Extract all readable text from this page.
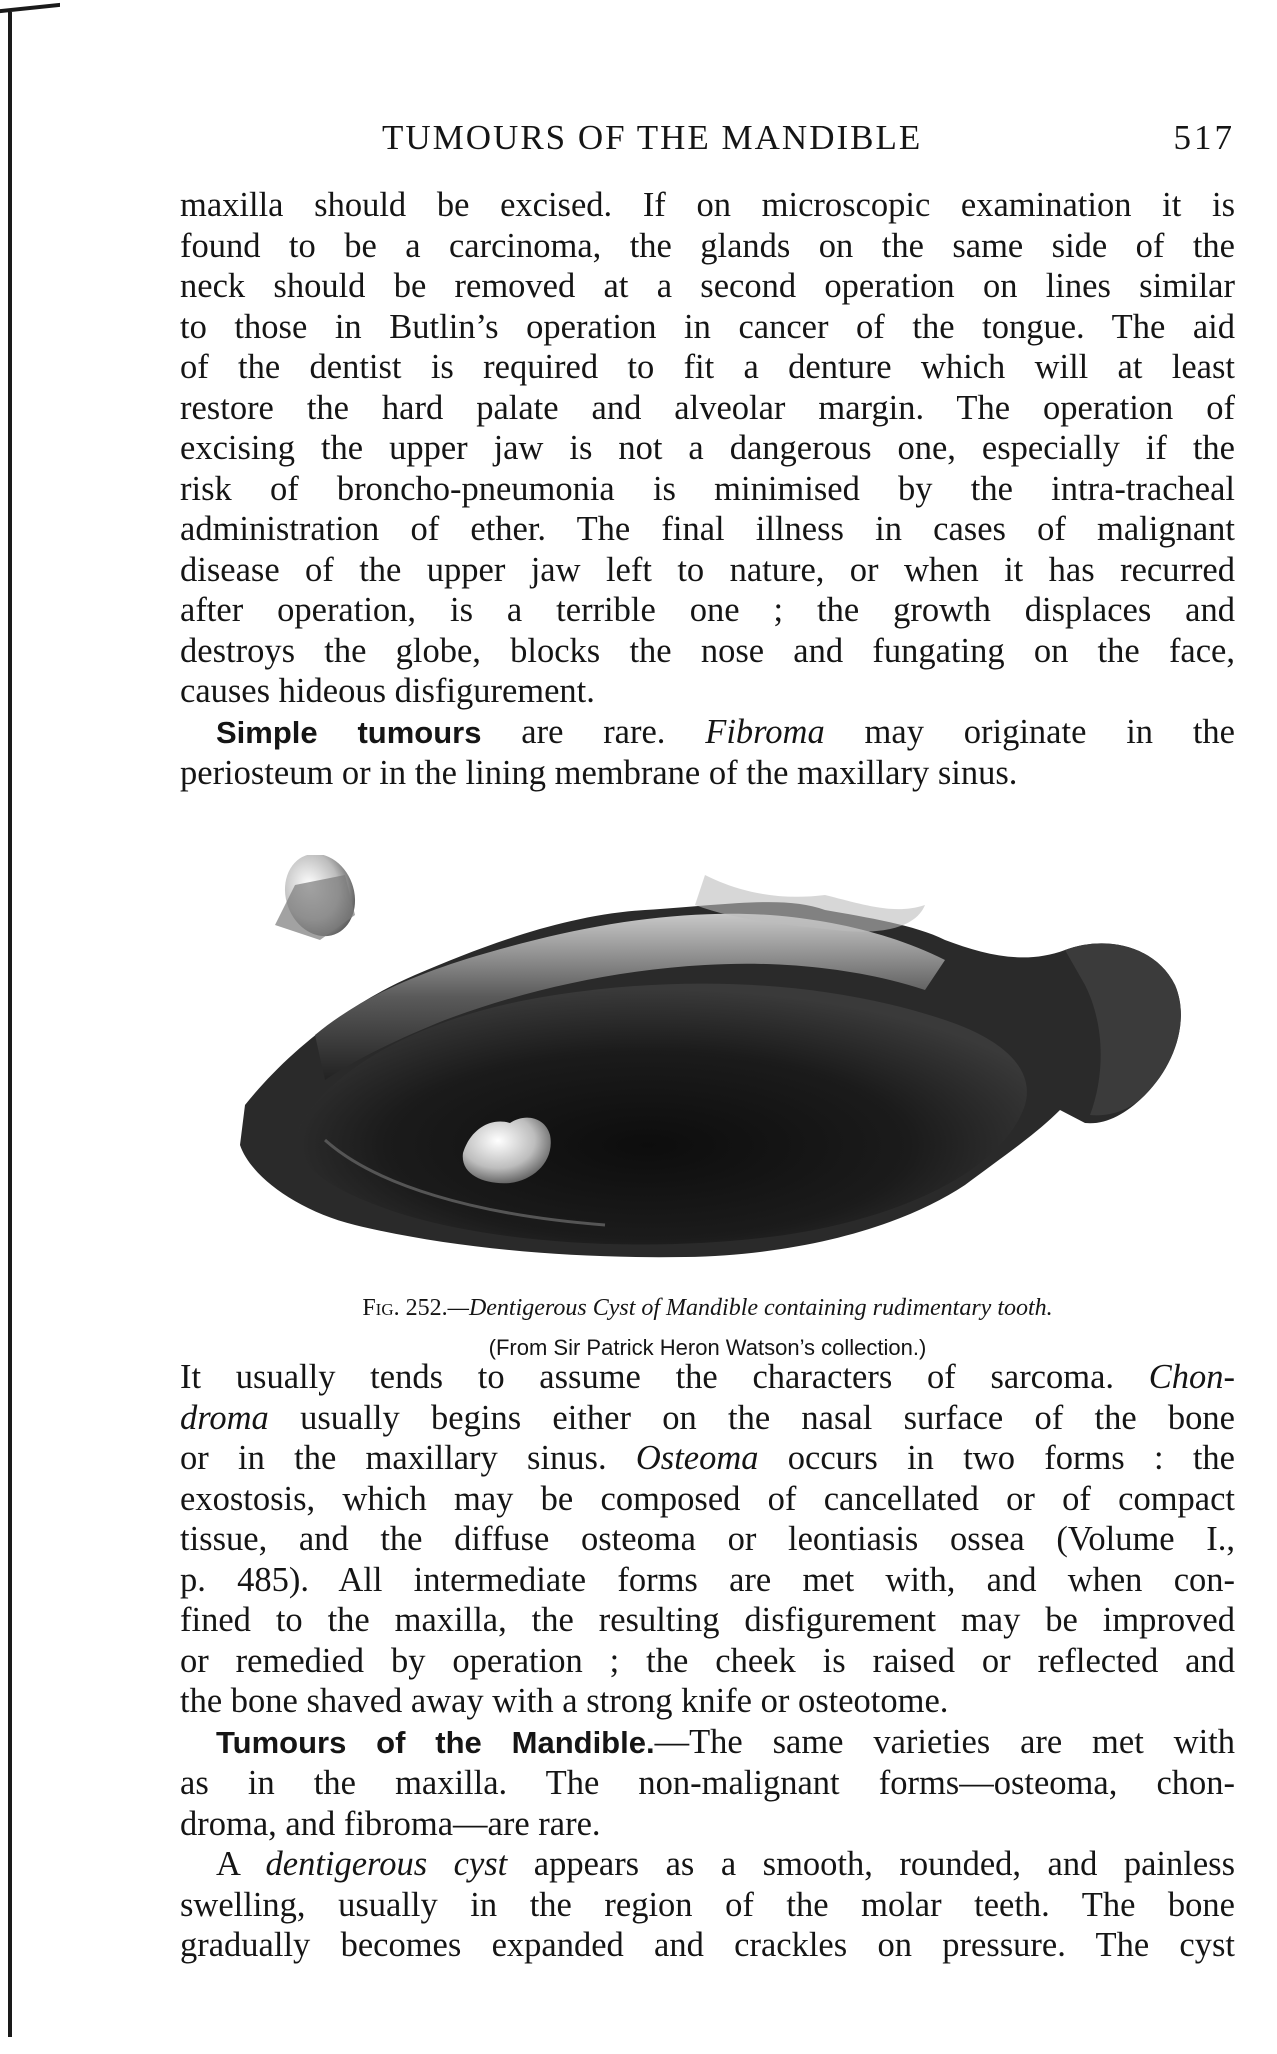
TUMOURS OF THE MANDIBLE	517
maxilla should be excised. If on microscopic examination it is
found to be a carcinoma, the glands on the same side of the
neck should be removed at a second operation on lines similar
to those in Butlin’s operation in cancer of the tongue. The aid
of the dentist is required to fit a denture which will at least
restore the hard palate and alveolar margin. The operation of
excising the upper jaw is not a dangerous one, especially if the
risk of broncho-pneumonia is minimised by the intra-tracheal
administration of ether. The final illness in cases of malignant
disease of the upper jaw left to nature, or when it has recurred
after operation, is a terrible one ; the growth displaces and
destroys the globe, blocks the nose and fungating on the face,
causes hideous disfigurement.
Simple tumours are rare. Fibroma may originate in the
periosteum or in the lining membrane of the maxillary sinus.
Fig. 252.—Dentigerous Cyst of Mandible containing rudimentary tooth.
(From Sir Patrick Heron Watson’s collection.)
It usually tends to assume the characters of sarcoma. Chon-
droma usually begins either on the nasal surface of the bone
or in the maxillary sinus. Osteoma occurs in two forms : the
exostosis, which may be composed of cancellated or of compact
tissue, and the diffuse osteoma or leontiasis ossea (Volume I.,
p. 485). All intermediate forms are met with, and when con-
fined to the maxilla, the resulting disfigurement may be improved
or remedied by operation ; the cheek is raised or reflected and
the bone shaved away with a strong knife or osteotome.
Tumours of the Mandible.—The same varieties are met with
as in the maxilla. The non-malignant forms—osteoma, chon-
droma, and fibroma—are rare.
A dentigerous cyst appears as a smooth, rounded, and painless
swelling, usually in the region of the molar teeth. The bone
gradually becomes expanded and crackles on pressure. The cyst
